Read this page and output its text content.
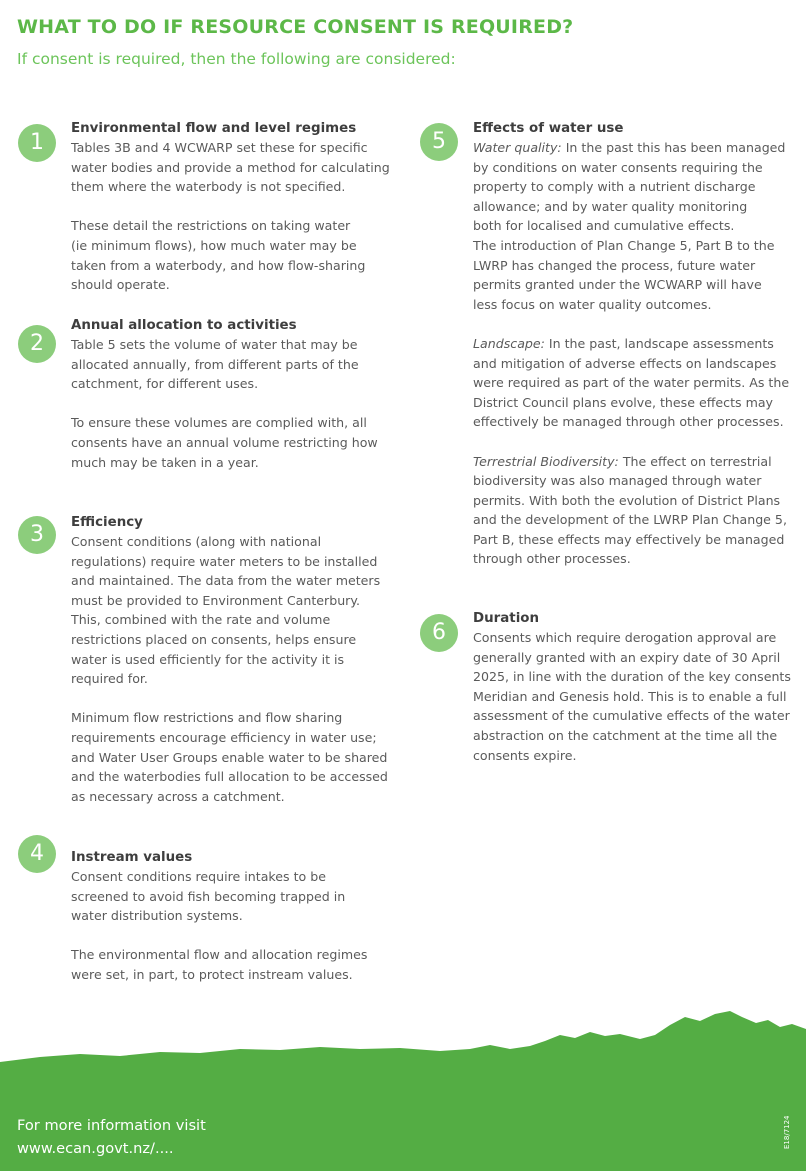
WHAT TO DO IF RESOURCE CONSENT IS REQUIRED?

If consent is required, then the following are considered:

1

Environmental flow and level regimes

Tables 3B and 4 WCWARP set these for specific

water bodies and provide a method for calculating

them where the waterbody is not specified.

These detail the restrictions on taking water

(ie minimum flows), how much water may be

taken from a waterbody, and how flow-sharing

should operate.

2

Annual allocation to activities

Table 5 sets the volume of water that may be

allocated annually, from different parts of the

catchment, for different uses.

To ensure these volumes are complied with, all

consents have an annual volume restricting how

much may be taken in a year.

3	Efficiency

Consent conditions (along with national

regulations) require water meters to be installed

and maintained. The data from the water meters

must be provided to Environment Canterbury.

This, combined with the rate and volume

restrictions placed on consents, helps ensure

water is used efficiently for the activity it is

required for.

Minimum flow restrictions and flow sharing

requirements encourage efficiency in water use;

and Water User Groups enable water to be shared

and the waterbodies full allocation to be accessed

as necessary across a catchment.

4	Instream values

Consent conditions require intakes to be

screened to avoid fish becoming trapped in

water distribution systems.

The environmental flow and allocation regimes

were set, in part, to protect instream values.

5

Effects of water use

Water quality: In the past this has been managed

by conditions on water consents requiring the

property to comply with a nutrient discharge

allowance; and by water quality monitoring

both for localised and cumulative effects.

The introduction of Plan Change 5, Part B to the

LWRP has changed the process, future water

permits granted under the WCWARP will have

less focus on water quality outcomes.

Landscape: In the past, landscape assessments

and mitigation of adverse effects on landscapes

were required as part of the water permits. As the

District Council plans evolve, these effects may

effectively be managed through other processes.

Terrestrial Biodiversity: The effect on terrestrial

biodiversity was also managed through water

permits. With both the evolution of District Plans

and the development of the LWRP Plan Change 5,

Part B, these effects may effectively be managed

through other processes.

6

Duration

Consents which require derogation approval are

generally granted with an expiry date of 30 April

2025, in line with the duration of the key consents

Meridian and Genesis hold. This is to enable a full

assessment of the cumulative effects of the water

abstraction on the catchment at the time all the

consents expire.

For more information visit

www.ecan.govt.nz/....	E18/7124
